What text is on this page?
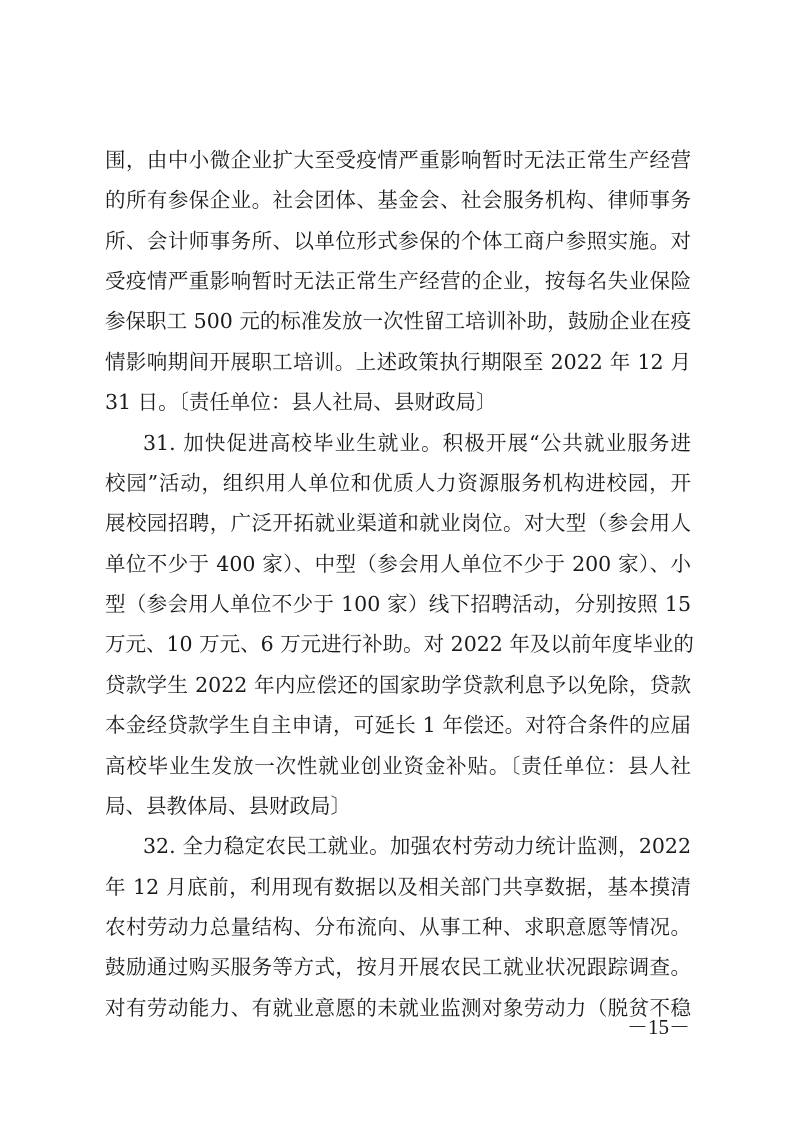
围，由中小微企业扩大至受疫情严重影响暂时无法正常生产经营
的所有参保企业。社会团体、基金会、社会服务机构、律师事务
所、会计师事务所、以单位形式参保的个体工商户参照实施。对
受疫情严重影响暂时无法正常生产经营的企业，按每名失业保险
参保职工 500 元的标准发放一次性留工培训补助，鼓励企业在疫
情影响期间开展职工培训。上述政策执行期限至 2022 年 12 月
31 日。〔责任单位：县人社局、县财政局〕
31. 加快促进高校毕业生就业。积极开展“公共就业服务进
校园”活动，组织用人单位和优质人力资源服务机构进校园，开
展校园招聘，广泛开拓就业渠道和就业岗位。对大型（参会用人
单位不少于 400 家）、中型（参会用人单位不少于 200 家）、小
型（参会用人单位不少于 100 家）线下招聘活动，分别按照 15
万元、10 万元、6 万元进行补助。对 2022 年及以前年度毕业的
贷款学生 2022 年内应偿还的国家助学贷款利息予以免除，贷款
本金经贷款学生自主申请，可延长 1 年偿还。对符合条件的应届
高校毕业生发放一次性就业创业资金补贴。〔责任单位：县人社
局、县教体局、县财政局〕
32. 全力稳定农民工就业。加强农村劳动力统计监测，2022
年 12 月底前，利用现有数据以及相关部门共享数据，基本摸清
农村劳动力总量结构、分布流向、从事工种、求职意愿等情况。
鼓励通过购买服务等方式，按月开展农民工就业状况跟踪调查。
对有劳动能力、有就业意愿的未就业监测对象劳动力（脱贫不稳
－15－
